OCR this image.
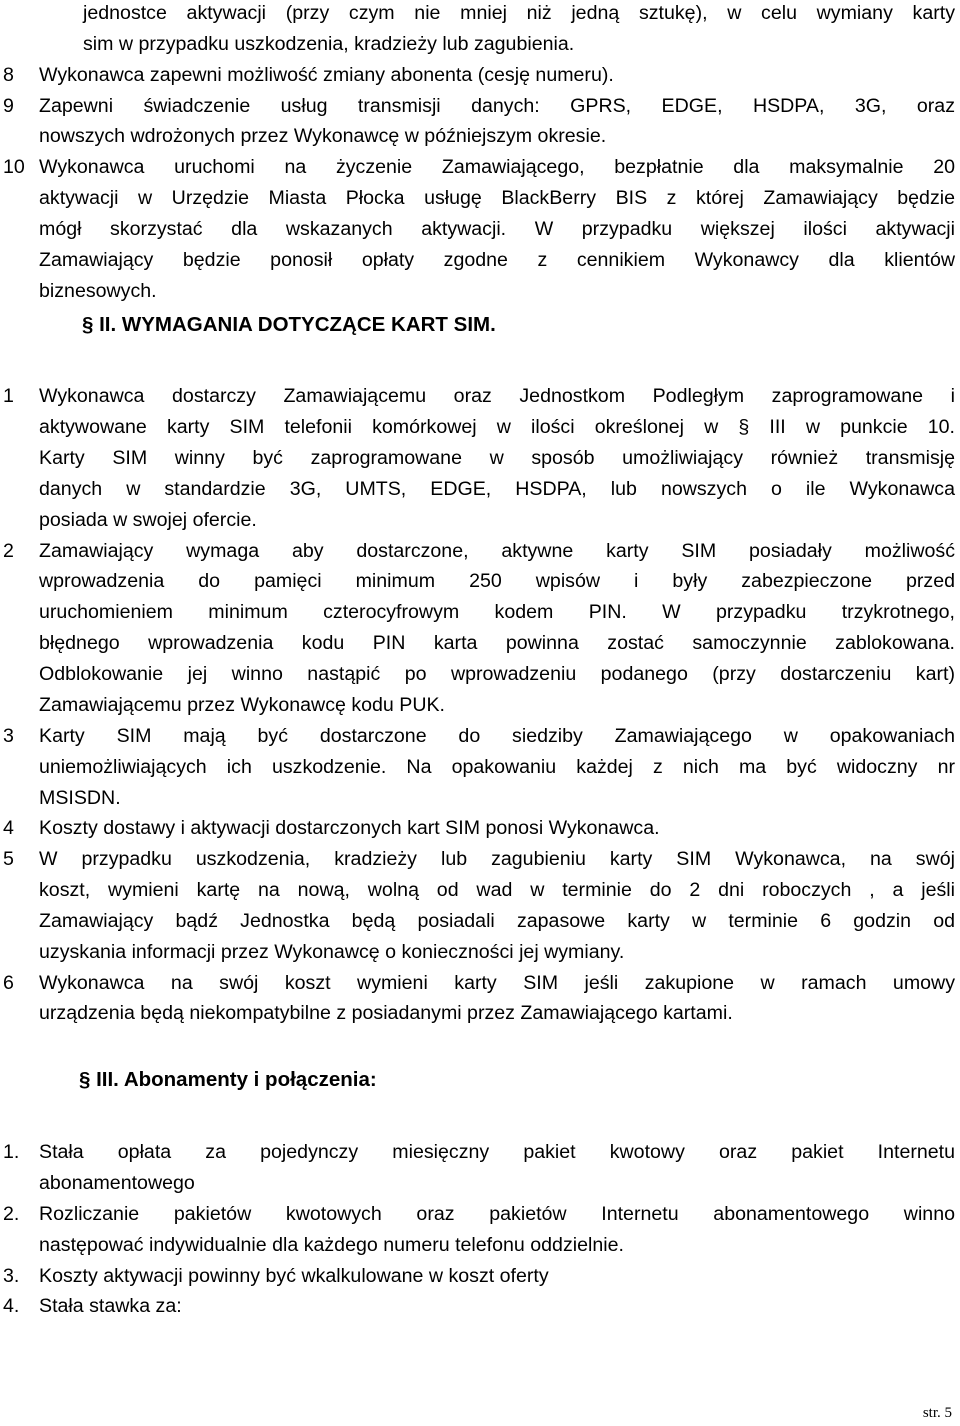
jednostce aktywacji (przy czym nie mniej niż jedną sztukę), w celu wymiany karty
sim w przypadku uszkodzenia, kradzieży lub zagubienia.
8 Wykonawca zapewni możliwość zmiany abonenta (cesję numeru).
9 Zapewni świadczenie usług transmisji danych: GPRS, EDGE, HSDPA, 3G, oraz
nowszych wdrożonych przez Wykonawcę w późniejszym okresie.
10 Wykonawca uruchomi na życzenie Zamawiającego, bezpłatnie dla maksymalnie 20
aktywacji w Urzędzie Miasta Płocka usługę BlackBerry BIS z której Zamawiający będzie
mógł skorzystać dla wskazanych aktywacji. W przypadku większej ilości aktywacji
Zamawiający będzie ponosił opłaty zgodne z cennikiem Wykonawcy dla klientów
biznesowych.
§ II. WYMAGANIA DOTYCZĄCE KART SIM.
1 Wykonawca dostarczy Zamawiającemu oraz Jednostkom Podległym zaprogramowane i
aktywowane karty SIM telefonii komórkowej w ilości określonej w § III w punkcie 10.
Karty SIM winny być zaprogramowane w sposób umożliwiający również transmisję
danych w standardzie 3G, UMTS, EDGE, HSDPA, lub nowszych o ile Wykonawca
posiada w swojej ofercie.
2 Zamawiający wymaga aby dostarczone, aktywne karty SIM posiadały możliwość
wprowadzenia do pamięci minimum 250 wpisów i były zabezpieczone przed
uruchomieniem minimum czterocyfrowym kodem PIN. W przypadku trzykrotnego,
błędnego wprowadzenia kodu PIN karta powinna zostać samoczynnie zablokowana.
Odblokowanie jej winno nastąpić po wprowadzeniu podanego (przy dostarczeniu kart)
Zamawiającemu przez Wykonawcę kodu PUK.
3 Karty SIM mają być dostarczone do siedziby Zamawiającego w opakowaniach
uniemożliwiających ich uszkodzenie. Na opakowaniu każdej z nich ma być widoczny nr
MSISDN.
4 Koszty dostawy i aktywacji dostarczonych kart SIM ponosi Wykonawca.
5 W przypadku uszkodzenia, kradzieży lub zagubieniu karty SIM Wykonawca, na swój
koszt, wymieni kartę na nową, wolną od wad w terminie do 2 dni roboczych , a jeśli
Zamawiający bądź Jednostka będą posiadali zapasowe karty w terminie 6 godzin od
uzyskania informacji przez Wykonawcę o konieczności jej wymiany.
6 Wykonawca na swój koszt wymieni karty SIM jeśli zakupione w ramach umowy
urządzenia będą niekompatybilne z posiadanymi przez Zamawiającego kartami.
§ III. Abonamenty i połączenia:
1. Stała opłata za pojedynczy miesięczny pakiet kwotowy oraz pakiet Internetu
abonamentowego
2. Rozliczanie pakietów kwotowych oraz pakietów Internetu abonamentowego winno
następować indywidualnie dla każdego numeru telefonu oddzielnie.
3. Koszty aktywacji powinny być wkalkulowane w koszt oferty
4. Stała stawka za:
str. 5
